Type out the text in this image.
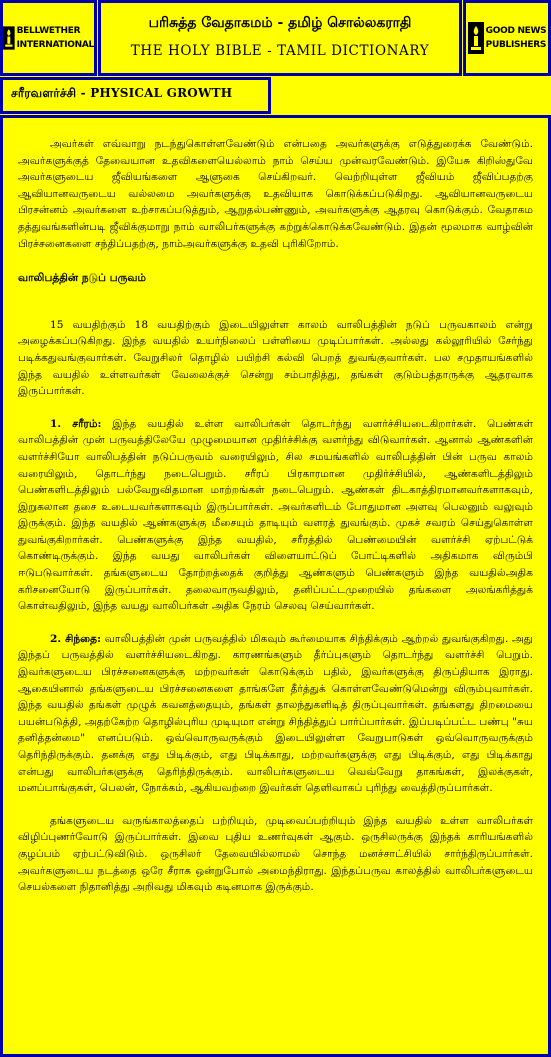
BELLWETHER
INTERNATIONAL
பரிசுத்த வேதாகமம் - தமிழ் சொல்லகராதி
THE HOLY BIBLE - TAMIL DICTIONARY
GOOD NEWS
PUBLISHERS
சரீரவளர்ச்சி - PHYSICAL GROWTH

அவர்கள் எவ்வாறு நடந்துகொள்ளவேண்டும் என்பதை அவர்களுக்கு எடுத்துரைக்க வேண்டும். அவர்களுக்குத் தேவையான உதவிகளையெல்லாம் நாம் செய்ய முன்வரவேண்டும். இயேசு கிறிஸ்துவே அவர்களுடைய ஜீவியங்களை ஆளுகை செய்கிறவர். வெற்றியுள்ள ஜீவியம் ஜீவிப்பதற்கு ஆவியானவருடைய வல்லமை அவர்களுக்கு உதவியாக கொடுக்கப்படுகிறது. ஆவியானவருடைய பிரசன்னம் அவர்களை உற்சாகப்படுத்தும், ஆறுதல்பண்ணும், அவர்களுக்கு ஆதரவு கொடுக்கும். வேதாகம தத்துவங்களின்படி ஜீவிக்குமாறு நாம் வாலிபர்களுக்கு கற்றுக்கொடுக்கவேண்டும். இதன் மூலமாக வாழ்வின் பிரச்சனைகளை சந்திப்பதற்கு, நாம்அவர்களுக்கு உதவி புரிகிறோம்.

வாலிபத்தின் நடுப் பருவம்

15 வயதிற்கும் 18 வயதிற்கும் இடையிலுள்ள காலம் வாலிபத்தின் நடுப் பருவகாலம் என்று அழைக்கப்படுகிறது. இந்த வயதில் உயர்நிலைப் பள்ளியை முடிப்பார்கள். அல்லது கல்லூரியில் சேர்ந்து படிக்கதுவங்குவார்கள். வேறுசிலர் தொழில் பயிற்சி கல்வி பெறத் துவங்குவார்கள். பல சமுதாயங்களில் இந்த வயதில் உள்ளவர்கள் வேலைக்குச் சென்று சம்பாதித்து, தங்கள் குடும்பத்தாருக்கு ஆதரவாக இருப்பார்கள்.

1. சரீரம்: இந்த வயதில் உள்ள வாலிபர்கள் தொடர்ந்து வளர்ச்சியடைகிறார்கள். பெண்கள் வாலிபத்தின் முன் பருவத்திலேயே முழுமையான முதிர்ச்சிக்கு வளர்ந்து விடுவார்கள். ஆனால் ஆண்களின் வளர்ச்சியோ வாலிபத்தின் நடுப்பருவம் வரையிலும், சில சமயங்களில் வாலிபத்தின் பின் பருவ காலம் வரையிலும், தொடர்ந்து நடைபெறும். சரீரப் பிரகாரமான முதிர்ச்சியில், ஆண்களிடத்திலும் பெண்களிடத்திலும் பல்வேறுவிதமான மாற்றங்கள் நடைபெறும். ஆண்கள் திடகாத்திரமானவர்களாகவும், இறுகலான தசை உடையவர்களாகவும் இருப்பார்கள். அவர்களிடம் போதுமான அளவு பெலனும் வலுவும் இருக்கும். இந்த வயதில் ஆண்களுக்கு மீசையும் தாடியும் வளரத் துவங்கும். முகச் சவரம் செய்துகொள்ள துவங்குகிறார்கள். பெண்களுக்கு இந்த வயதில், சரீரத்தில் பெண்மையின் வளர்ச்சி ஏற்பட்டுக் கொண்டிருக்கும். இந்த வயது வாலிபர்கள் விளையாட்டுப் போட்டிகளில் அதிகமாக விரும்பி ஈடுபடுவார்கள். தங்களுடைய தோற்றத்தைக் குறித்து ஆண்களும் பெண்களும் இந்த வயதில்அதிக கரிசனையோடு இருப்பார்கள். தலைவாருவதிலும், தனிப்பட்டமுறையில் தங்களை அலங்கரித்துக் கொள்வதிலும், இந்த வயது வாலிபர்கள் அதிக நேரம் செலவு செய்வார்கள்.

2. சிந்தை: வாலிபத்தின் முன் பருவத்தில் மிகவும் கூர்மையாக சிந்திக்கும் ஆற்றல் துவங்குகிறது. அது இந்தப் பருவத்தில் வளர்ச்சியடைகிறது. காரணங்களும் தீர்ப்புகளும் தொடர்ந்து வளர்ச்சி பெறும். இவர்களுடைய பிரச்சனைகளுக்கு மற்றவர்கள் கொடுக்கும் பதில், இவர்களுக்கு திருப்தியாக இராது. ஆகையினால் தங்களுடைய பிரச்சனைகளை தாங்களே தீர்த்துக் கொள்ளவேண்டுமென்று விரும்புவார்கள். இந்த வயதில் தங்கள் முழுக் கவனத்தையும், தங்கள் தாலந்துகளிடித் திருப்புவார்கள். தங்களது திறமையை பயன்படுத்தி, அதற்கேற்ற தொழில்புரிய முடியுமா என்று சிந்தித்துப் பார்ப்பார்கள். இப்படிப்பட்ட பண்பு "சுய தனித்தன்மை" எனப்படும். ஒவ்வொருவருக்கும் இடையிலுள்ள வேறுபாடுகள் ஒவ்வொருவருக்கும் தெரிந்திருக்கும். தனக்கு எது பிடிக்கும், எது பிடிக்காது, மற்றவர்களுக்கு எது பிடிக்கும், எது பிடிக்காது என்பது வாலிபர்களுக்கு தெரிந்திருக்கும். வாலிபர்களுடைய வெவ்வேறு தாகங்கள், இலக்குகள், மனப்பாங்குகள், பெலன், நோக்கம், ஆகியவற்றை இவர்கள் தெளிவாகப் புரிந்து வைத்திருப்பார்கள்.

தங்களுடைய வருங்காலத்தைப் பற்றியும், முடிவைப்பற்றியும் இந்த வயதில் உள்ள வாலிபர்கள் விழிப்புணர்வோடு இருப்பார்கள். இவை புதிய உணர்வுகள் ஆகும். ஒருசிலருக்கு இந்தக் காரியங்களில் குழப்பம் ஏற்பட்டுவிடும். ஒருசிலர் தேவையில்லாமல் சொந்த மனச்சாட்சியில் சார்ந்திருப்பார்கள். அவர்களுடைய நடத்தை ஒரே சீராக ஒன்றுபோல் அமைந்திராது. இந்தப்பருவ காலத்தில் வாலிபர்களுடைய செயல்களை நிதானித்து அறிவது மிகவும் கடினமாக இருக்கும்.
